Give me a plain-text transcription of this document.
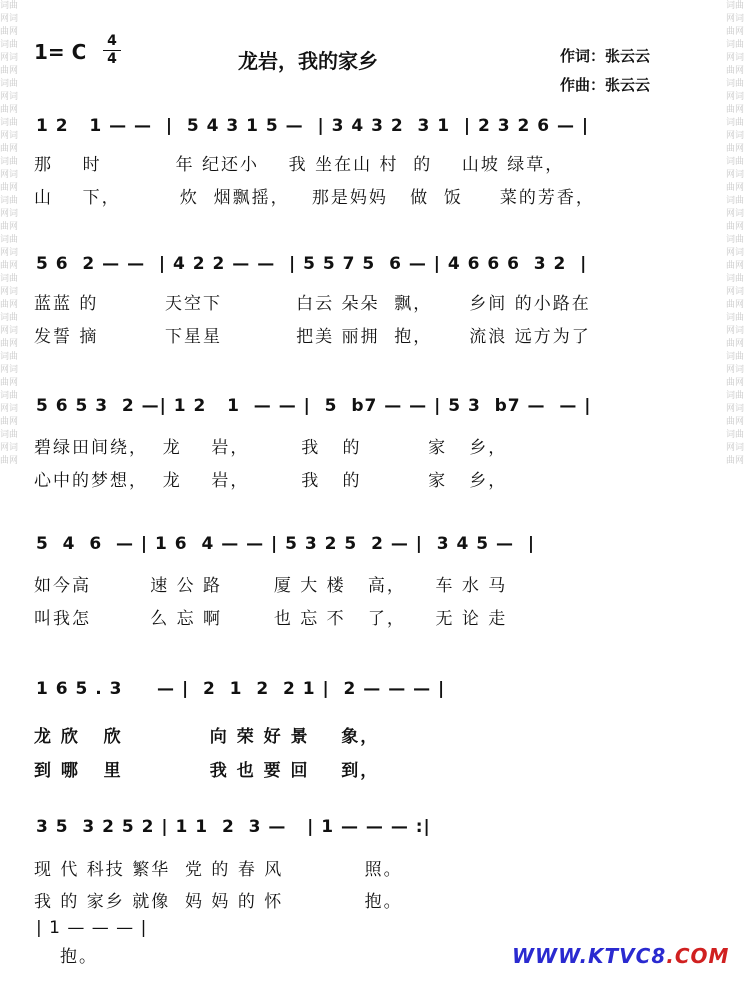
词曲网词曲网词曲网词曲网词曲网词曲网词曲网词曲网词曲网词曲网词曲网词曲网词曲网词曲网词曲网词曲网词曲网词曲网词曲网词曲网词曲网词曲网词曲网词曲网
词曲网词曲网词曲网词曲网词曲网词曲网词曲网词曲网词曲网词曲网词曲网词曲网词曲网词曲网词曲网词曲网词曲网词曲网词曲网词曲网词曲网词曲网词曲网词曲网
1= C 4
4	龙岩，我的家乡	作词：张云云
作曲：张云云
1 2   1 — —  |  5 4 3 1 5 —  | 3 4 3 2  3 1  | 2 3 2 6 — |
那    时          年 纪还小    我 坐在山 村  的    山坡 绿草，
山    下，        炊  烟飘摇，   那是妈妈   做  饭     菜的芳香，
5 6  2 — —  | 4 2 2 — —  | 5 5 7 5  6 — | 4 6 6 6  3 2  |
蓝蓝 的         天空下          白云 朵朵  飘，     乡间 的小路在
发誓 摘         下星星          把美 丽拥  抱，     流浪 远方为了
5 6 5 3  2 —| 1 2   1  — — |  5  b7 — — | 5 3  b7 —  — |
碧绿田间绕，  龙    岩，       我   的         家   乡，
心中的梦想，  龙    岩，       我   的         家   乡，
5  4  6  — | 1 6  4 — — | 5 3 2 5  2 — |  3 4 5 —  |
如今高        速 公 路       厦 大 楼   高，    车 水 马
叫我怎        么 忘 啊       也 忘 不   了，    无 论 走
1 6 5 . 3     — |  2  1  2  2 1 |  2 — — — |
龙 欣   欣           向 荣 好 景    象，
到 哪   里           我 也 要 回    到，
3 5  3 2 5 2 | 1 1  2  3 —   | 1 — — — :|
现 代 科技 繁华  党 的 春 风           照。
我 的 家乡 就像  妈 妈 的 怀           抱。
| 1 — — — |
抱。	WWW.KTVC8.COM
